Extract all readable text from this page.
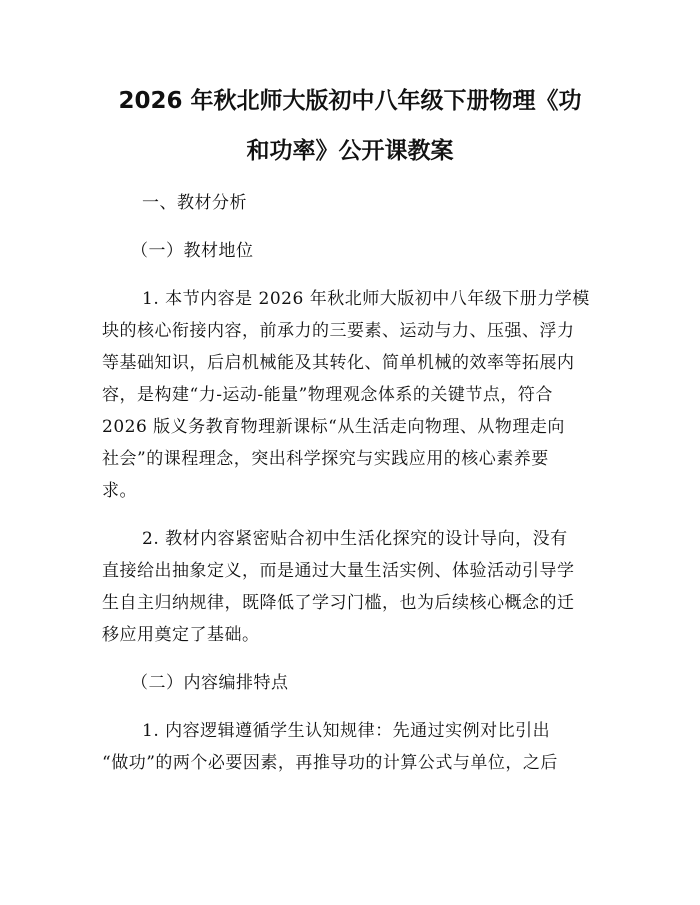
2026 年秋北师大版初中八年级下册物理《功
和功率》公开课教案
一、教材分析
（一）教材地位
1. 本节内容是 2026 年秋北师大版初中八年级下册力学模
块的核心衔接内容，前承力的三要素、运动与力、压强、浮力
等基础知识，后启机械能及其转化、简单机械的效率等拓展内
容，是构建“力-运动-能量”物理观念体系的关键节点，符合
2026 版义务教育物理新课标“从生活走向物理、从物理走向
社会”的课程理念，突出科学探究与实践应用的核心素养要
求。
2. 教材内容紧密贴合初中生活化探究的设计导向，没有
直接给出抽象定义，而是通过大量生活实例、体验活动引导学
生自主归纳规律，既降低了学习门槛，也为后续核心概念的迁
移应用奠定了基础。
（二）内容编排特点
1. 内容逻辑遵循学生认知规律：先通过实例对比引出
“做功”的两个必要因素，再推导功的计算公式与单位，之后
